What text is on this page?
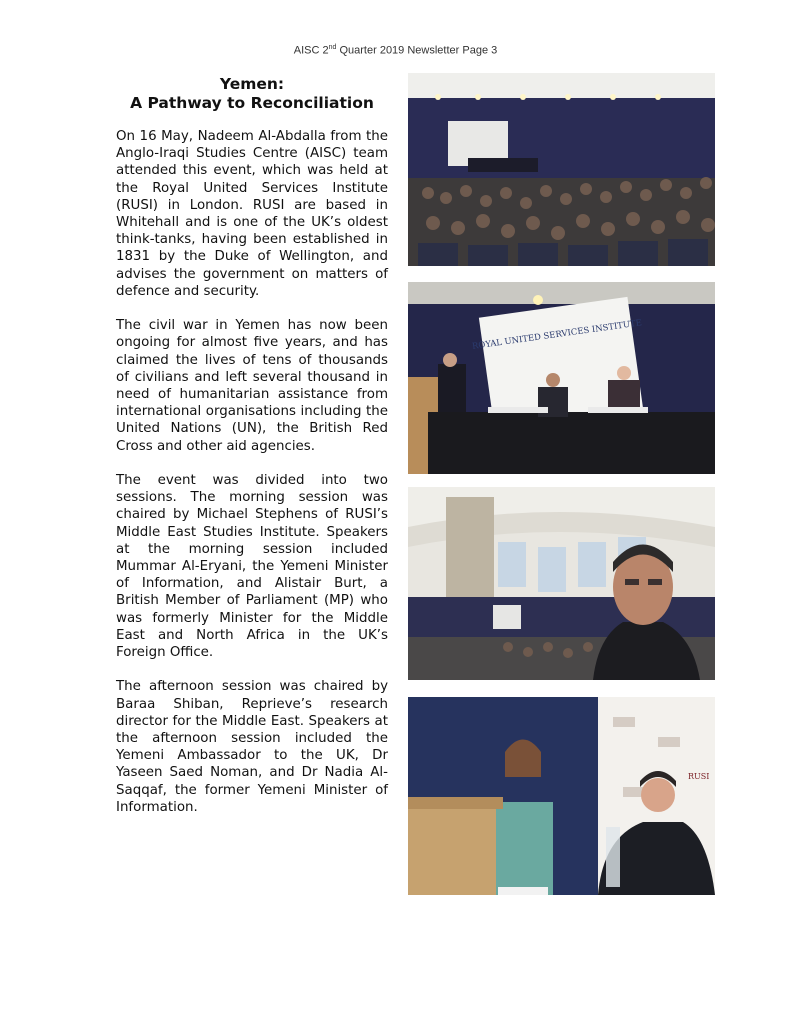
AISC 2nd Quarter 2019 Newsletter Page 3
Yemen:
A Pathway to Reconciliation

On 16 May, Nadeem Al-Abdalla from the Anglo-Iraqi Studies Centre (AISC) team attended this event, which was held at the Royal United Services Institute (RUSI) in London. RUSI are based in Whitehall and is one of the UK’s oldest think-tanks, having been established in 1831 by the Duke of Wellington, and advises the government on matters of defence and security.

The civil war in Yemen has now been ongoing for almost five years, and has claimed the lives of tens of thousands of civilians and left several thousand in need of humanitarian assistance from international organisations including the United Nations (UN), the British Red Cross and other aid agencies.

The event was divided into two sessions. The morning session was chaired by Michael Stephens of RUSI’s Middle East Studies Institute. Speakers at the morning session included Mummar Al-Eryani, the Yemeni Minister of Information, and Alistair Burt, a British Member of Parliament (MP) who was formerly Minister for the Middle East and North Africa in the UK’s Foreign Office.

The afternoon session was chaired by Baraa Shiban, Reprieve’s research director for the Middle East. Speakers at the afternoon session included the Yemeni Ambassador to the UK, Dr Yaseen Saed Noman, and Dr Nadia Al-Saqqaf, the former Yemeni Minister of Information.

ROYAL UNITED SERVICES INSTITUTE
RUSI
